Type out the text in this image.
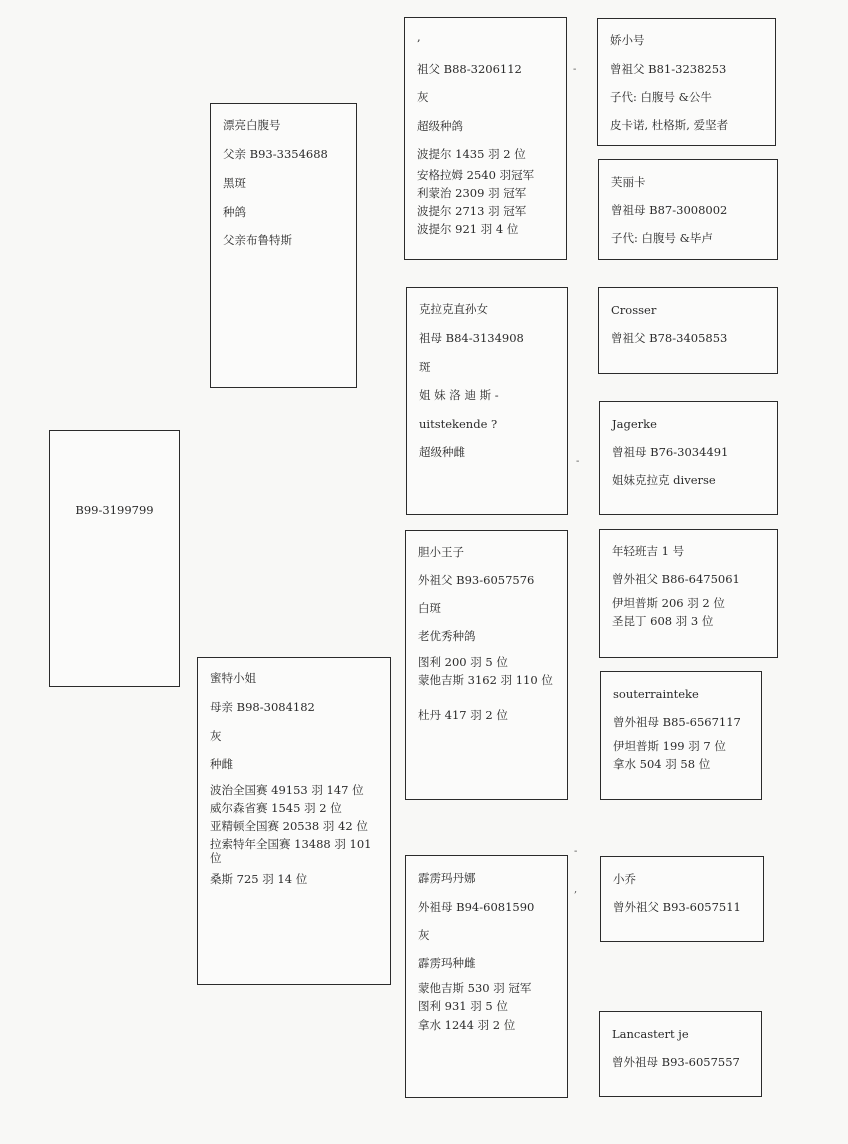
B99-3199799
漂亮白腹号
父亲 B93-3354688
黑斑
种鸽
父亲布鲁特斯
蜜特小姐
母亲 B98-3084182
灰
种雌
波治全国赛 49153 羽 147 位
威尔森省赛 1545 羽 2 位
亚精顿全国赛 20538 羽 42 位
拉索特年全国赛 13488 羽 101 位
桑斯 725 羽 14 位
,
祖父 B88-3206112
灰
超级种鸽
波提尔 1435 羽 2 位
安格拉姆 2540 羽冠军
利蒙治 2309 羽 冠军
波提尔 2713 羽 冠军
波提尔 921 羽 4 位
克拉克直孙女
祖母 B84-3134908
斑
姐 妹 洛 迪 斯 -
uitstekende ?
超级种雌
胆小王子
外祖父 B93-6057576
白斑
老优秀种鸽
图利 200 羽 5 位
蒙他吉斯 3162 羽 110 位
杜丹 417 羽 2 位
霹雳玛丹娜
外祖母 B94-6081590
灰
霹雳玛种雌
蒙他吉斯 530 羽 冠军
图利 931 羽 5 位
拿水 1244 羽 2 位
娇小号
曾祖父 B81-3238253
子代: 白腹号 &公牛
皮卡诺, 杜格斯, 爱坚者
芙丽卡
曾祖母 B87-3008002
子代: 白腹号 &毕卢
Crosser
曾祖父 B78-3405853
Jagerke
曾祖母 B76-3034491
姐妹克拉克 diverse
年轻班吉 1 号
曾外祖父 B86-6475061
伊坦普斯 206 羽 2 位
圣昆丁 608 羽 3 位
souterrainteke
曾外祖母 B85-6567117
伊坦普斯 199 羽 7 位
拿水 504 羽 58 位
小乔
曾外祖父 B93-6057511
Lancastert je
曾外祖母 B93-6057557
-
-
-
,
